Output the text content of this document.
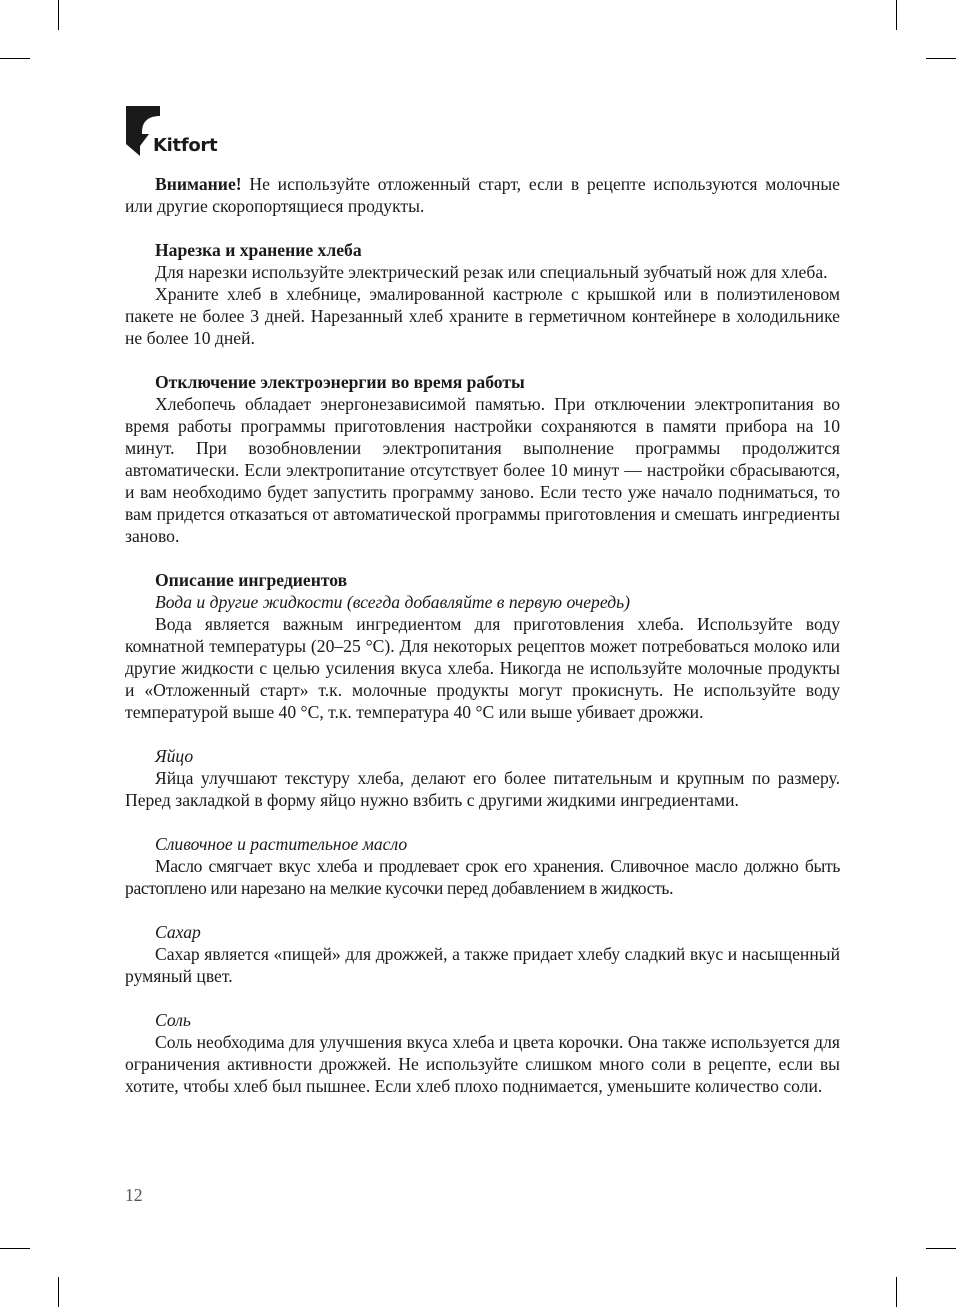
Kitfort

Внимание! Не используйте отложенный старт, если в рецепте используются молочные или другие скоропортящиеся продукты.

Нарезка и хранение хлеба

Для нарезки используйте электрический резак или специальный зубчатый нож для хлеба.

Храните хлеб в хлебнице, эмалированной кастрюле с крышкой или в полиэтиленовом пакете не более 3 дней. Нарезанный хлеб храните в герметичном контейнере в холодильнике не более 10 дней.

Отключение электроэнергии во время работы

Хлебопечь обладает энергонезависимой памятью. При отключении электропитания во время работы программы приготовления настройки сохраняются в памяти прибора на 10 минут. При возобновлении электропитания выполнение программы продолжится автоматически. Если электропитание отсутствует более 10 минут — настройки сбрасываются, и вам необходимо будет запустить программу заново. Если тесто уже начало подниматься, то вам придется отказаться от автоматической программы приготовления и смешать ингредиенты заново.

Описание ингредиентов

Вода и другие жидкости (всегда добавляйте в первую очередь)

Вода является важным ингредиентом для приготовления хлеба. Используйте воду комнатной температуры (20–25 °C). Для некоторых рецептов может потребоваться молоко или другие жидкости с целью усиления вкуса хлеба. Никогда не используйте молочные продукты и «Отложенный старт» т.к. молочные продукты могут прокиснуть. Не используйте воду температурой выше 40 °C, т.к. температура 40 °C или выше убивает дрожжи.

Яйцо

Яйца улучшают текстуру хлеба, делают его более питательным и крупным по размеру. Перед закладкой в форму яйцо нужно взбить с другими жидкими ингредиентами.

Сливочное и растительное масло

Масло смягчает вкус хлеба и продлевает срок его хранения. Сливочное масло должно быть растоплено или нарезано на мелкие кусочки перед добавлением в жидкость.

Сахар

Сахар является «пищей» для дрожжей, а также придает хлебу сладкий вкус и насыщенный румяный цвет.

Соль

Соль необходима для улучшения вкуса хлеба и цвета корочки. Она также используется для ограничения активности дрожжей. Не используйте слишком много соли в рецепте, если вы хотите, чтобы хлеб был пышнее. Если хлеб плохо поднимается, уменьшите количество соли.

12
